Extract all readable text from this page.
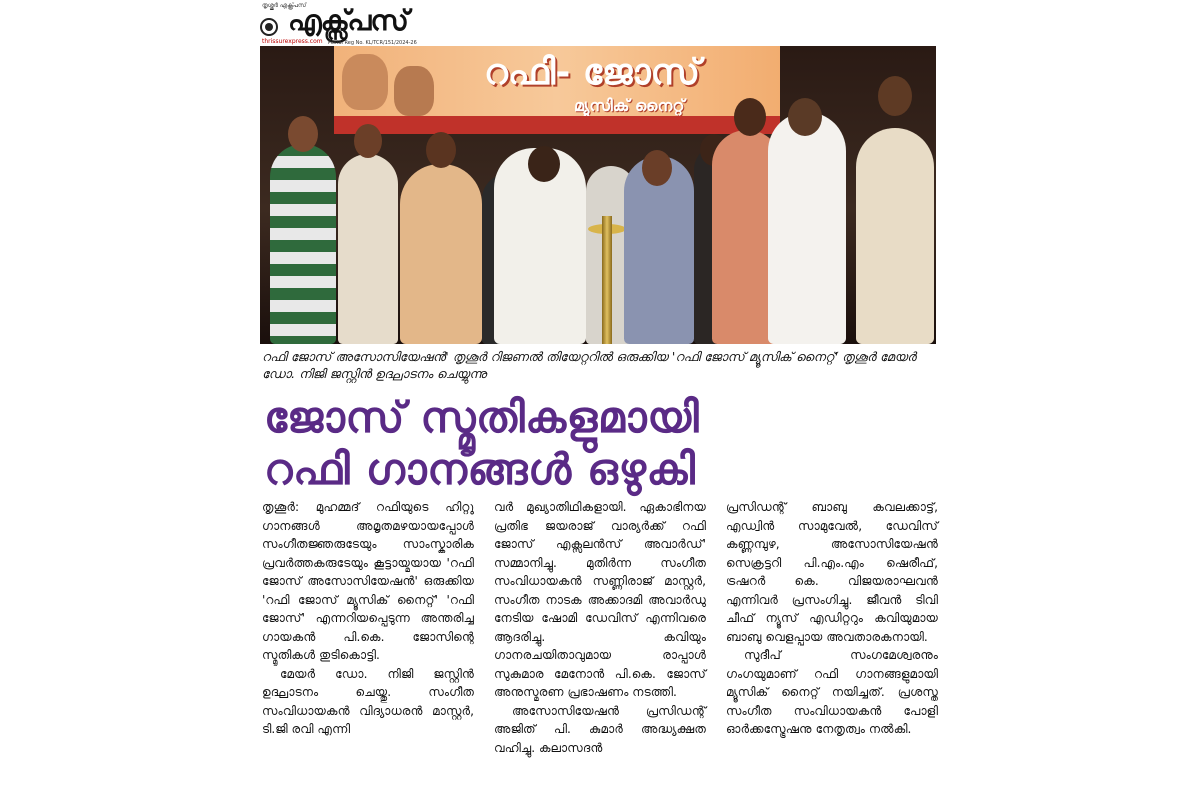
തൃശ്ശൂർ എക്സ്പ്രസ്
എക്സ്പ്രസ്
thrissurexpress.com Postal Reg No. KL/TCR/151/2024-26
റഫി- ജോസ്
മ്യൂസിക് നൈറ്റ്

റഫി ജോസ് അസോസിയേഷൻ' തൃശൂർ റിജണൽ തിയേറ്ററിൽ ഒരുക്കിയ 'റഫി ജോസ് മ്യൂസിക് നൈറ്റ്' തൃശൂർ മേയർ ഡോ. നിജി ജസ്റ്റിൻ ഉദ്ഘാടനം ചെയ്യുന്നു

ജോസ് സ്മൃതികളുമായി
റഫി ഗാനങ്ങൾ ഒഴുകി

തൃശൂർ: മുഹമ്മദ് റഫിയുടെ ഹിറ്റു ഗാനങ്ങൾ അമൃതമഴയായപ്പോൾ സംഗീതജ്ഞരുടേയും സാംസ്കാരിക പ്രവർത്തകരുടേയും കൂട്ടായ്മയായ 'റഫി ജോസ് അസോസിയേഷൻ' ഒരുക്കിയ 'റഫി ജോസ് മ്യൂസിക് നൈറ്റ്' 'റഫി ജോസ്' എന്നറിയപ്പെടുന്ന അന്തരിച്ച ഗായകൻ പി.കെ. ജോസിന്റെ സ്മൃതികൾ തുടികൊട്ടി.

മേയർ ഡോ. നിജി ജസ്റ്റിൻ ഉദ്ഘാടനം ചെയ്തു. സംഗീത സംവിധായകൻ വിദ്യാധരൻ മാസ്റ്റർ, ടി.ജി രവി എന്നി

വർ മുഖ്യാതിഥികളായി. ഏകാഭിനയ പ്രതിഭ ജയരാജ് വാര്യർക്ക് റഫി ജോസ് എക്സലൻസ് അവാർഡ്' സമ്മാനിച്ചു. മുതിർന്ന സംഗീത സംവിധായകൻ സണ്ണിരാജ് മാസ്റ്റർ, സംഗീത നാടക അക്കാദമി അവാർഡു നേടിയ ഷോമി ഡേവിസ് എന്നിവരെ ആദരിച്ചു. കവിയും ഗാനരചയിതാവുമായ രാപ്പാൾ സുകുമാര മേനോൻ പി.കെ. ജോസ് അനുസ്മരണ പ്രഭാഷണം നടത്തി.

അസോസിയേഷൻ പ്രസിഡന്റ് അജിത് പി. കുമാർ അദ്ധ്യക്ഷത വഹിച്ചു. കലാസദൻ

പ്രസിഡന്റ് ബാബു കവലക്കാട്ട്, എഡ്വിൻ സാമുവേൽ, ഡേവിസ് കണ്ണമ്പുഴ, അസോസിയേഷൻ സെക്രട്ടറി പി.എം.എം ഷെരീഫ്, ട്രഷറർ കെ. വിജയരാഘവൻ എന്നിവർ പ്രസംഗിച്ചു. ജീവൻ ടിവി ചീഫ് ന്യൂസ് എഡിറ്ററും കവിയുമായ ബാബു വെളപ്പായ അവതാരകനായി.

സുദീപ് സംഗമേശ്വരനും ഗംഗയുമാണ് റഫി ഗാനങ്ങളുമായി മ്യൂസിക് നൈറ്റ് നയിച്ചത്. പ്രശസ്ത സംഗീത സംവിധായകൻ പോളി ഓർക്കസ്ട്രേഷനു നേതൃത്വം നൽകി.
